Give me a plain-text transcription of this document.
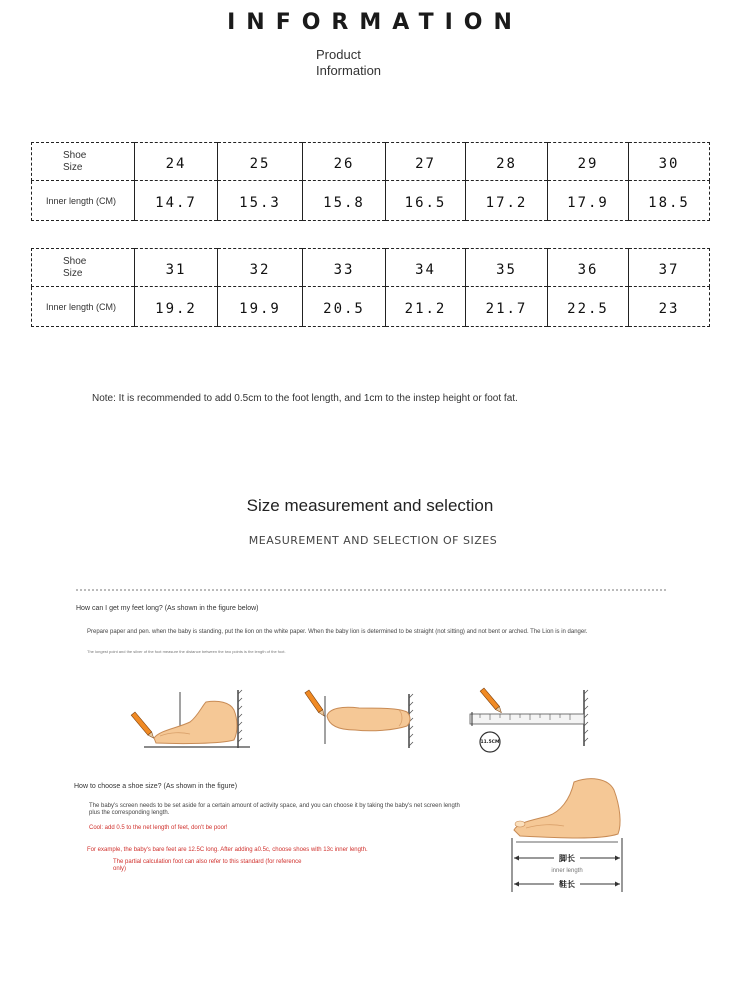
INFORMATION
Product
Information
Shoe
Size	24	25	26	27	28	29	30
Inner length (CM)	14.7	15.3	15.8	16.5	17.2	17.9	18.5
Shoe
Size	31	32	33	34	35	36	37
Inner length (CM)	19.2	19.9	20.5	21.2	21.7	22.5	23
Note: It is recommended to add 0.5cm to the foot length, and 1cm to the instep height or foot fat.
Size measurement and selection
MEASUREMENT AND SELECTION OF SIZES
How can I get my feet long? (As shown in the figure below)
Prepare paper and pen. when the baby is standing, put the lion on the white paper. When the baby lion is determined to be straight (not sitting) and not bent or arched. The Lion is in danger.
The longest point and the silver of the foot measure the distance between the two points is the length of the foot.
11.5CM
How to choose a shoe size? (As shown in the figure)
The baby's screen needs to be set aside for a certain amount of activity space, and you can choose it by taking the baby's net screen length plus the corresponding length.
Cool: add 0.5 to the net length of feet, don't be poor!
For example, the baby's bare feet are 12.5C long. After adding a0.5c, choose shoes with 13c inner length.
The partial calculation foot can also refer to this standard (for reference only)
脚长
inner length
鞋长
